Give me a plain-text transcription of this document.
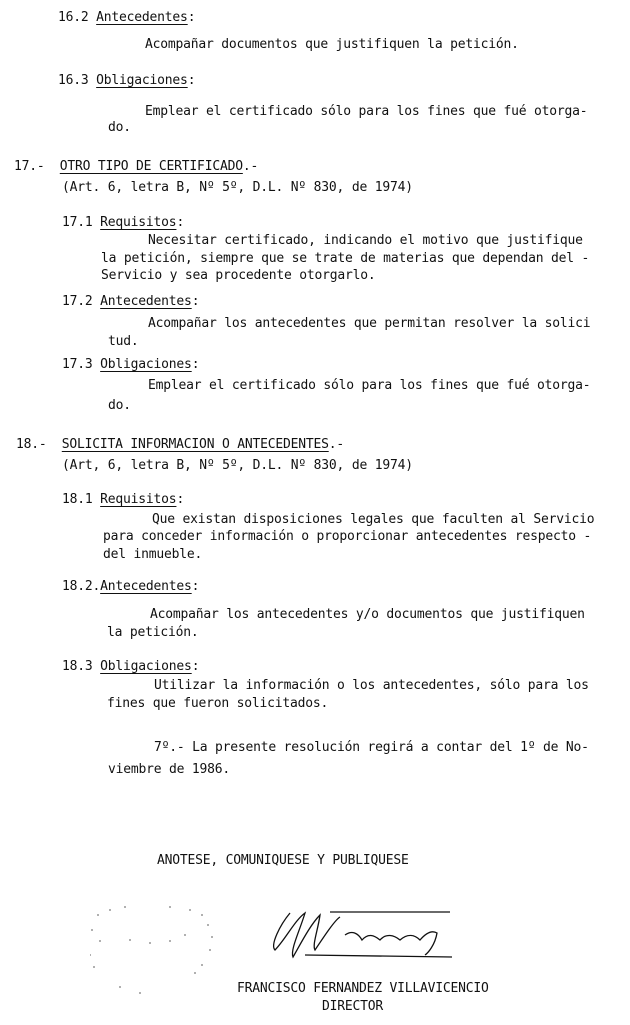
16.2 Antecedentes:
Acompañar documentos que justifiquen la petición.
16.3 Obligaciones:
Emplear el certificado sólo para los fines que fué otorga-
do.
17.- OTRO TIPO DE CERTIFICADO.-
(Art. 6, letra B, Nº 5º, D.L. Nº 830, de 1974)
17.1 Requisitos:
Necesitar certificado, indicando el motivo que justifique
la petición, siempre que se trate de materias que dependan del -
Servicio y sea procedente otorgarlo.
17.2 Antecedentes:
Acompañar los antecedentes que permitan resolver la solici
tud.
17.3 Obligaciones:
Emplear el certificado sólo para los fines que fué otorga-
do.
18.- SOLICITA INFORMACION O ANTECEDENTES.-
(Art, 6, letra B, Nº 5º, D.L. Nº 830, de 1974)
18.1 Requisitos:
Que existan disposiciones legales que faculten al Servicio
para conceder información o proporcionar antecedentes respecto -
del inmueble.
18.2.Antecedentes:
Acompañar los antecedentes y/o documentos que justifiquen
la petición.
18.3 Obligaciones:
Utilizar la información o los antecedentes, sólo para los
fines que fueron solicitados.
7º.- La presente resolución regirá a contar del 1º de No-
viembre de 1986.
ANOTESE, COMUNIQUESE Y PUBLIQUESE
FRANCISCO FERNANDEZ VILLAVICENCIO
DIRECTOR
